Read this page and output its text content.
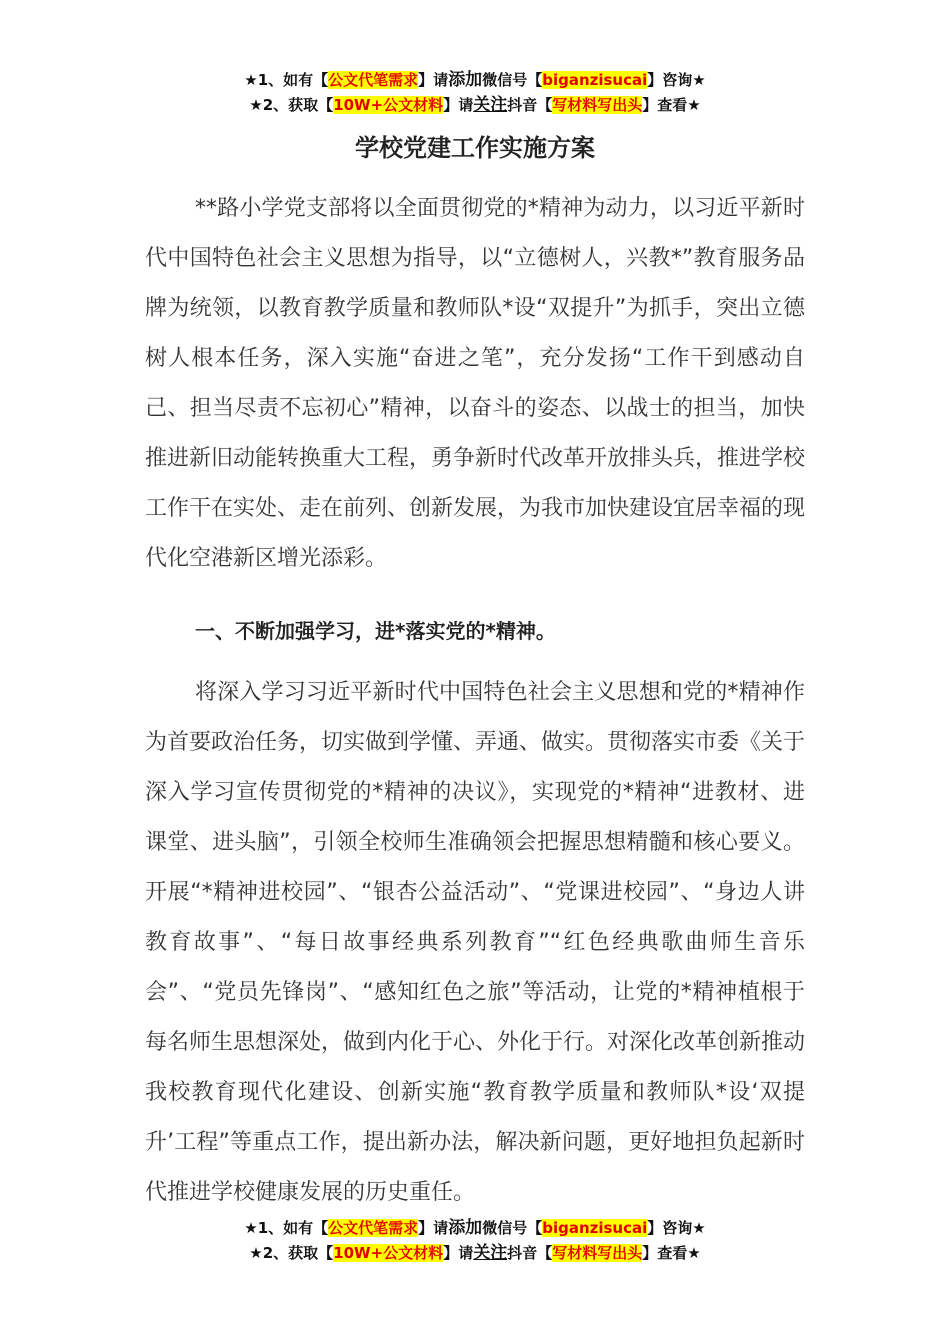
★1、如有【公文代笔需求】请添加微信号【biganzisucai】咨询★
★2、获取【10W+公文材料】请关注抖音【写材料写出头】查看★
学校党建工作实施方案

**路小学党支部将以全面贯彻党的*精神为动力，以习近平新时代中国特色社会主义思想为指导，以“立德树人，兴教*”教育服务品牌为统领，以教育教学质量和教师队*设“双提升”为抓手，突出立德树人根本任务，深入实施“奋进之笔”，充分发扬“工作干到感动自己、担当尽责不忘初心”精神，以奋斗的姿态、以战士的担当，加快推进新旧动能转换重大工程，勇争新时代改革开放排头兵，推进学校工作干在实处、走在前列、创新发展，为我市加快建设宜居幸福的现代化空港新区增光添彩。

一、不断加强学习，进*落实党的*精神。

将深入学习习近平新时代中国特色社会主义思想和党的*精神作为首要政治任务，切实做到学懂、弄通、做实。贯彻落实市委《关于深入学习宣传贯彻党的*精神的决议》，实现党的*精神“进教材、进课堂、进头脑”，引领全校师生准确领会把握思想精髓和核心要义。开展“*精神进校园”、“银杏公益活动”、“党课进校园”、“身边人讲教育故事”、“每日故事经典系列教育”“红色经典歌曲师生音乐会”、“党员先锋岗”、“感知红色之旅”等活动，让党的*精神植根于每名师生思想深处，做到内化于心、外化于行。对深化改革创新推动我校教育现代化建设、创新实施“教育教学质量和教师队*设‘双提升’工程”等重点工作，提出新办法，解决新问题，更好地担负起新时代推进学校健康发展的历史重任。

★1、如有【公文代笔需求】请添加微信号【biganzisucai】咨询★
★2、获取【10W+公文材料】请关注抖音【写材料写出头】查看★
